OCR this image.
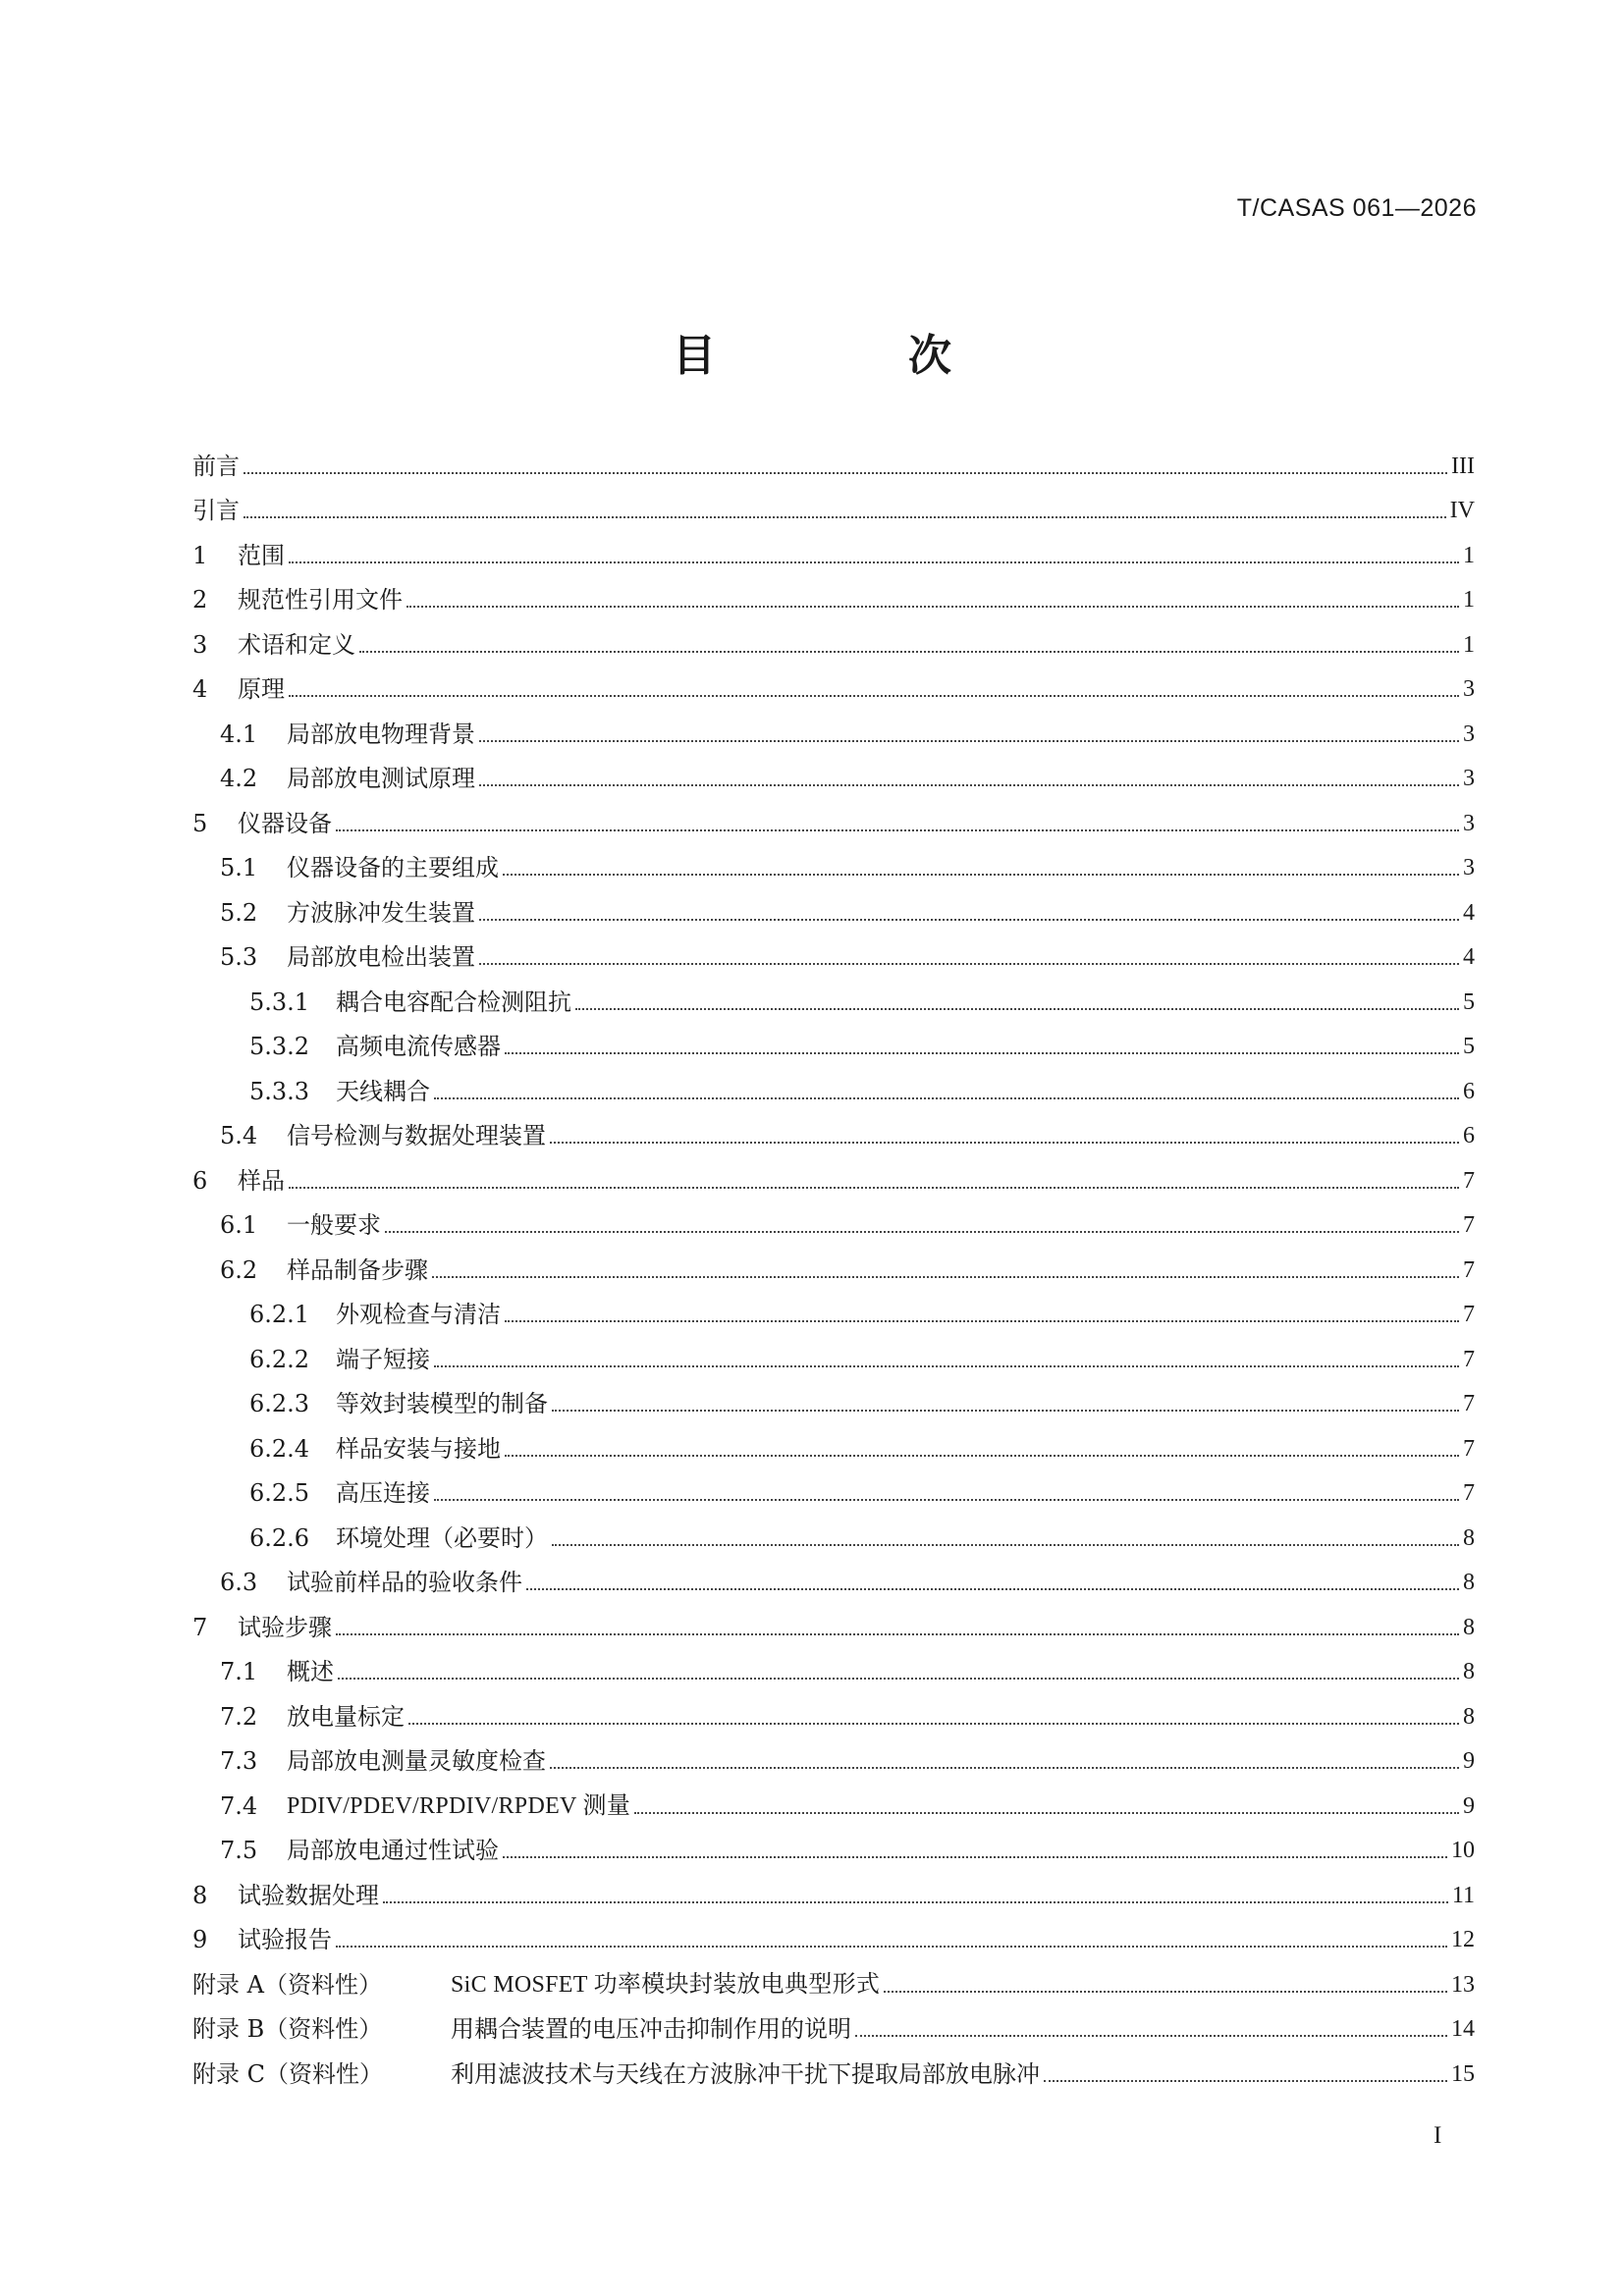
T/CASAS 061—2026
目　次
前言	III
引言	IV
1	范围	1
2	规范性引用文件	1
3	术语和定义	1
4	原理	3
4.1	局部放电物理背景	3
4.2	局部放电测试原理	3
5	仪器设备	3
5.1	仪器设备的主要组成	3
5.2	方波脉冲发生装置	4
5.3	局部放电检出装置	4
5.3.1	耦合电容配合检测阻抗	5
5.3.2	高频电流传感器	5
5.3.3	天线耦合	6
5.4	信号检测与数据处理装置	6
6	样品	7
6.1	一般要求	7
6.2	样品制备步骤	7
6.2.1	外观检查与清洁	7
6.2.2	端子短接	7
6.2.3	等效封装模型的制备	7
6.2.4	样品安装与接地	7
6.2.5	高压连接	7
6.2.6	环境处理（必要时）	8
6.3	试验前样品的验收条件	8
7	试验步骤	8
7.1	概述	8
7.2	放电量标定	8
7.3	局部放电测量灵敏度检查	9
7.4	PDIV/PDEV/RPDIV/RPDEV 测量	9
7.5	局部放电通过性试验	10
8	试验数据处理	11
9	试验报告	12
附录 A（资料性）	SiC MOSFET 功率模块封装放电典型形式	13
附录 B（资料性）	用耦合装置的电压冲击抑制作用的说明	14
附录 C（资料性）	利用滤波技术与天线在方波脉冲干扰下提取局部放电脉冲	15
I
